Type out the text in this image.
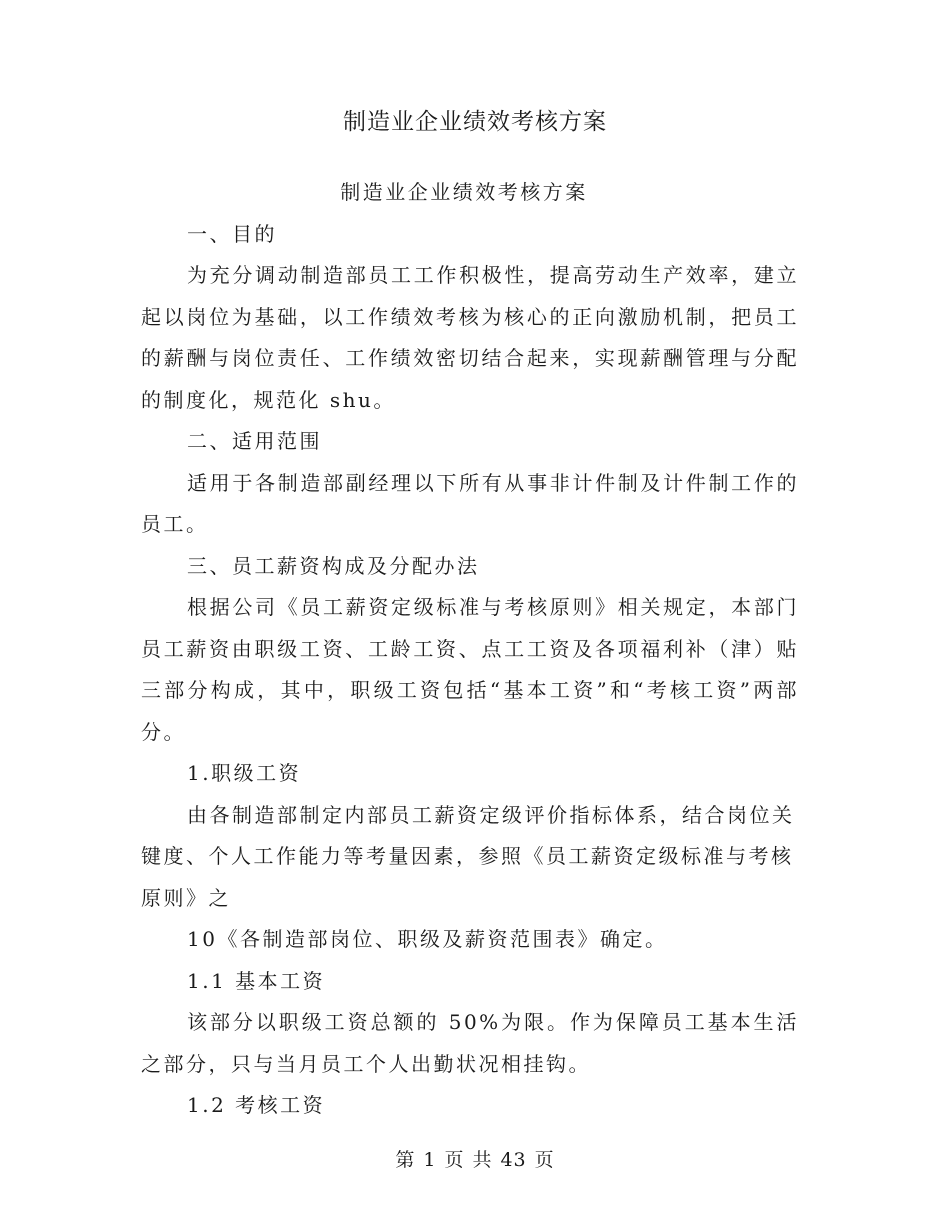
制造业企业绩效考核方案

制造业企业绩效考核方案

一、目的

为充分调动制造部员工工作积极性，提高劳动生产效率，建立起以岗位为基础，以工作绩效考核为核心的正向激励机制，把员工的薪酬与岗位责任、工作绩效密切结合起来，实现薪酬管理与分配的制度化，规范化 shu。

二、适用范围

适用于各制造部副经理以下所有从事非计件制及计件制工作的员工。

三、员工薪资构成及分配办法

根据公司《员工薪资定级标准与考核原则》相关规定，本部门员工薪资由职级工资、工龄工资、点工工资及各项福利补（津）贴三部分构成，其中，职级工资包括“基本工资”和“考核工资”两部分。

1.职级工资

由各制造部制定内部员工薪资定级评价指标体系，结合岗位关键度、个人工作能力等考量因素，参照《员工薪资定级标准与考核原则》之

10《各制造部岗位、职级及薪资范围表》确定。

1.1 基本工资

该部分以职级工资总额的 50%为限。作为保障员工基本生活之部分，只与当月员工个人出勤状况相挂钩。

1.2 考核工资

第 1 页 共 43 页
